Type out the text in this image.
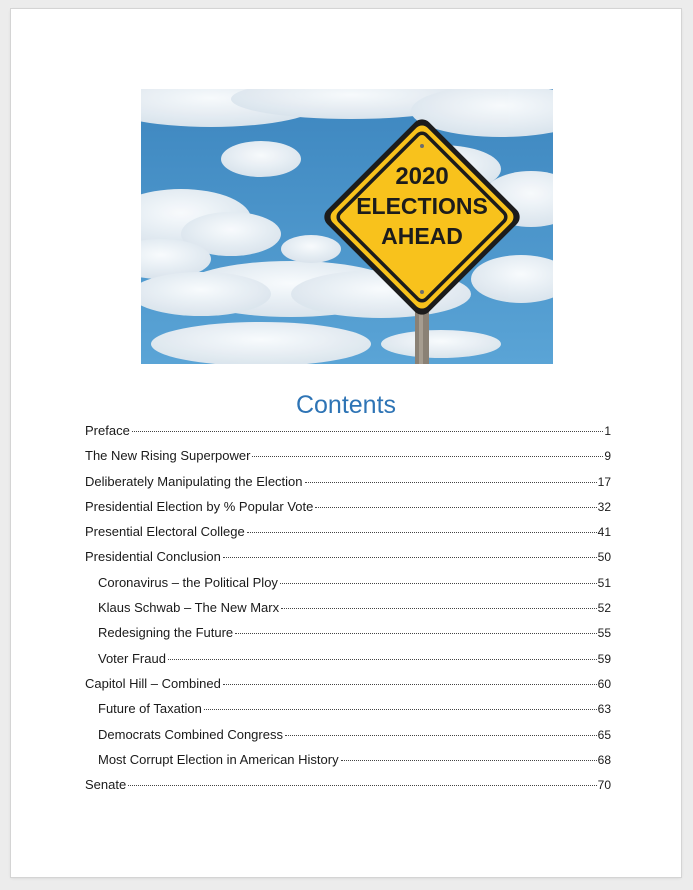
2020
ELECTIONS
AHEAD
Contents
Preface	1
The New Rising Superpower	9
Deliberately Manipulating the Election	17
Presidential Election by % Popular Vote	32
Presential Electoral College	41
Presidential Conclusion	50
Coronavirus – the Political Ploy	51
Klaus Schwab – The New Marx	52
Redesigning the Future	55
Voter Fraud	59
Capitol Hill – Combined	60
Future of Taxation	63
Democrats Combined Congress	65
Most Corrupt Election in American History	68
Senate	70
